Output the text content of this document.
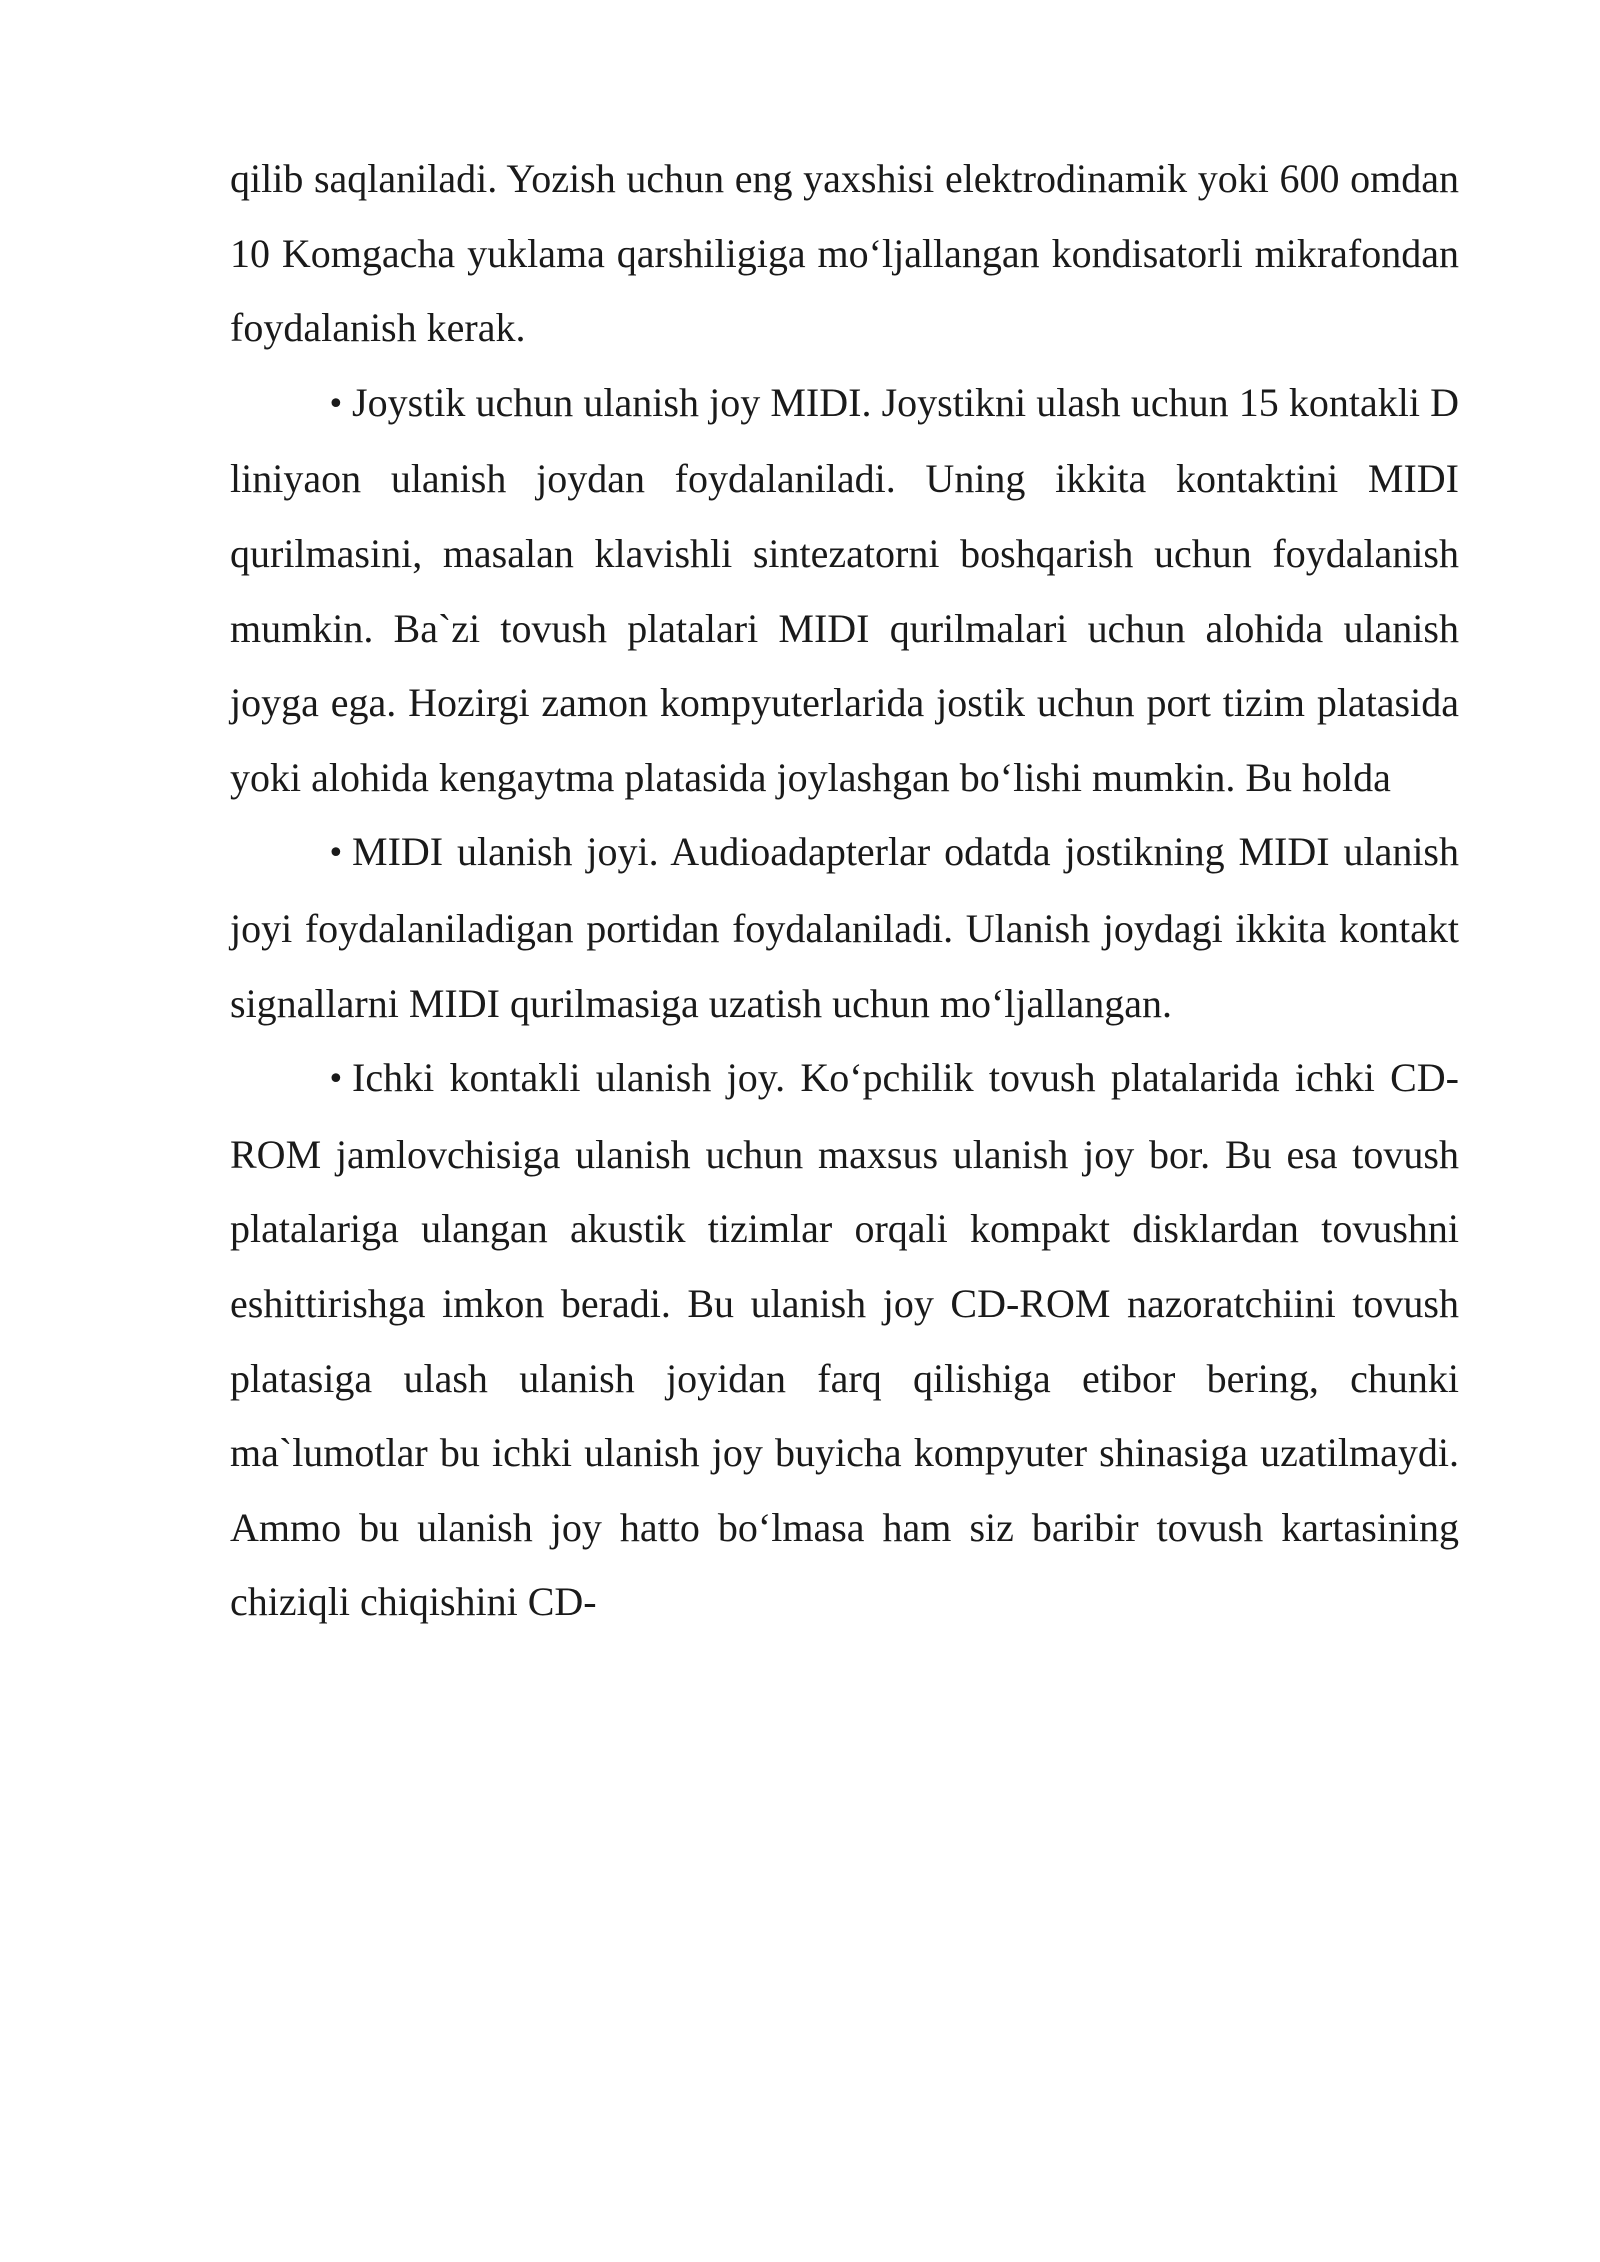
qilib saqlaniladi. Yozish uchun eng yaxshisi elektrodinamik yoki 600 omdan 10 Komgacha yuklama qarshiligiga mo‘ljallangan kondisatorli mikrafondan foydalanish kerak.

• Joystik uchun ulanish joy MIDI. Joystikni ulash uchun 15 kontakli D liniyaon ulanish joydan foydalaniladi. Uning ikkita kontaktini MIDI qurilmasini, masalan klavishli sintezatorni boshqarish uchun foydalanish mumkin. Ba`zi tovush platalari MIDI qurilmalari uchun alohida ulanish joyga ega. Hozirgi zamon kompyuterlarida jostik uchun port tizim platasida yoki alohida kengaytma platasida joylashgan bo‘lishi mumkin. Bu holda

• MIDI ulanish joyi. Audioadapterlar odatda jostikning MIDI ulanish joyi foydalaniladigan portidan foydalaniladi. Ulanish joydagi ikkita kontakt signallarni MIDI qurilmasiga uzatish uchun mo‘ljallangan.

• Ichki kontakli ulanish joy. Ko‘pchilik tovush platalarida ichki CD-ROM jamlovchisiga ulanish uchun maxsus ulanish joy bor. Bu esa tovush platalariga ulangan akustik tizimlar orqali kompakt disklardan tovushni eshittirishga imkon beradi. Bu ulanish joy CD-ROM nazoratchiini tovush platasiga ulash ulanish joyidan farq qilishiga etibor bering, chunki ma`lumotlar bu ichki ulanish joy buyicha kompyuter shinasiga uzatilmaydi. Ammo bu ulanish joy hatto bo‘lmasa ham siz baribir tovush kartasining chiziqli chiqishini CD-
